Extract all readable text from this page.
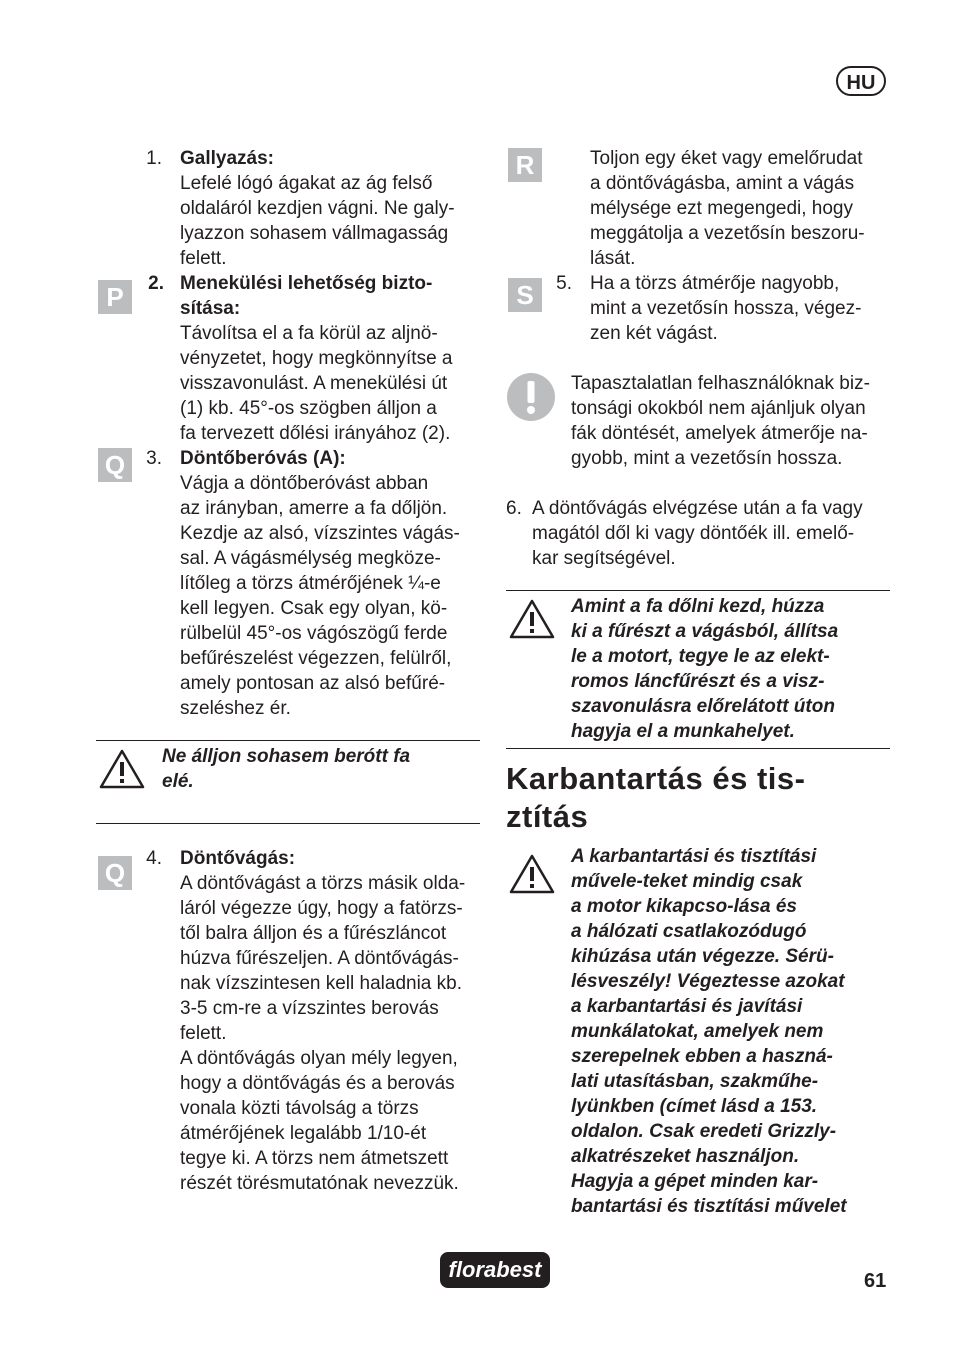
HU
P
Q
Q
R
S
1. Gallyazás:
Lefelé lógó ágakat az ág felső
oldaláról kezdjen vágni. Ne galy-
lyazzon sohasem vállmagasság
felett.
2. Menekülési lehetőség bizto-
sítása:
Távolítsa el a fa körül az aljnö-
vényzetet, hogy megkönnyítse a
visszavonulást. A menekülési út
(1) kb. 45°-os szögben álljon a
fa tervezett dőlési irányához (2).
3. Döntőberóvás (A):
Vágja a döntőberóvást abban
az irányban, amerre a fa dőljön.
Kezdje az alsó, vízszintes vágás-
sal. A vágásmélység megköze-
lítőleg a törzs átmérőjének ¼-e
kell legyen. Csak egy olyan, kö-
rülbelül 45°-os vágószögű ferde
befűrészelést végezzen, felülről,
amely pontosan az alsó befűré-
szeléshez ér.
Ne álljon sohasem berótt fa
elé.
4. Döntővágás:
A döntővágást a törzs másik olda-
láról végezze úgy, hogy a fatörzs-
től balra álljon és a fűrészláncot
húzva fűrészeljen. A döntővágás-
nak vízszintesen kell haladnia kb.
3-5 cm-re a vízszintes berovás
felett.
A döntővágás olyan mély legyen,
hogy a döntővágás és a berovás
vonala közti távolság a törzs
átmérőjének legalább 1/10-ét
tegye ki. A törzs nem átmetszett
részét törésmutatónak nevezzük.
Toljon egy éket vagy emelőrudat
a döntővágásba, amint a vágás
mélysége ezt megengedi, hogy
meggátolja a vezetősín beszoru-
lását.
5. Ha a törzs átmérője nagyobb,
mint a vezetősín hossza, végez-
zen két vágást.
Tapasztalatlan felhasználóknak biz-
tonsági okokból nem ajánljuk olyan
fák döntését, amelyek átmerője na-
gyobb, mint a vezetősín hossza.
6. A döntővágás elvégzése után a fa vagy
magától dől ki vagy döntőék ill. emelő-
kar segítségével.
Amint a fa dőlni kezd, húzza
ki a fűrészt a vágásból, állítsa
le a motort, tegye le az elekt-
romos láncfűrészt és a visz-
szavonulásra előrelátott úton
hagyja el a munkahelyet.
Karbantartás és tis-
ztítás
A karbantartási és tisztítási
művele-teket mindig csak
a motor kikapcso-lása és
a hálózati csatlakozódugó
kihúzása után végezze. Sérü-
lésveszély! Végeztesse azokat
a karbantartási és javítási
munkálatokat, amelyek nem
szerepelnek ebben a haszná-
lati utasításban, szakműhe-
lyünkben (címet lásd a 153.
oldalon. Csak eredeti Grizzly-
alkatrészeket használjon.
Hagyja a gépet minden kar-
bantartási és tisztítási művelet
florabest	61
